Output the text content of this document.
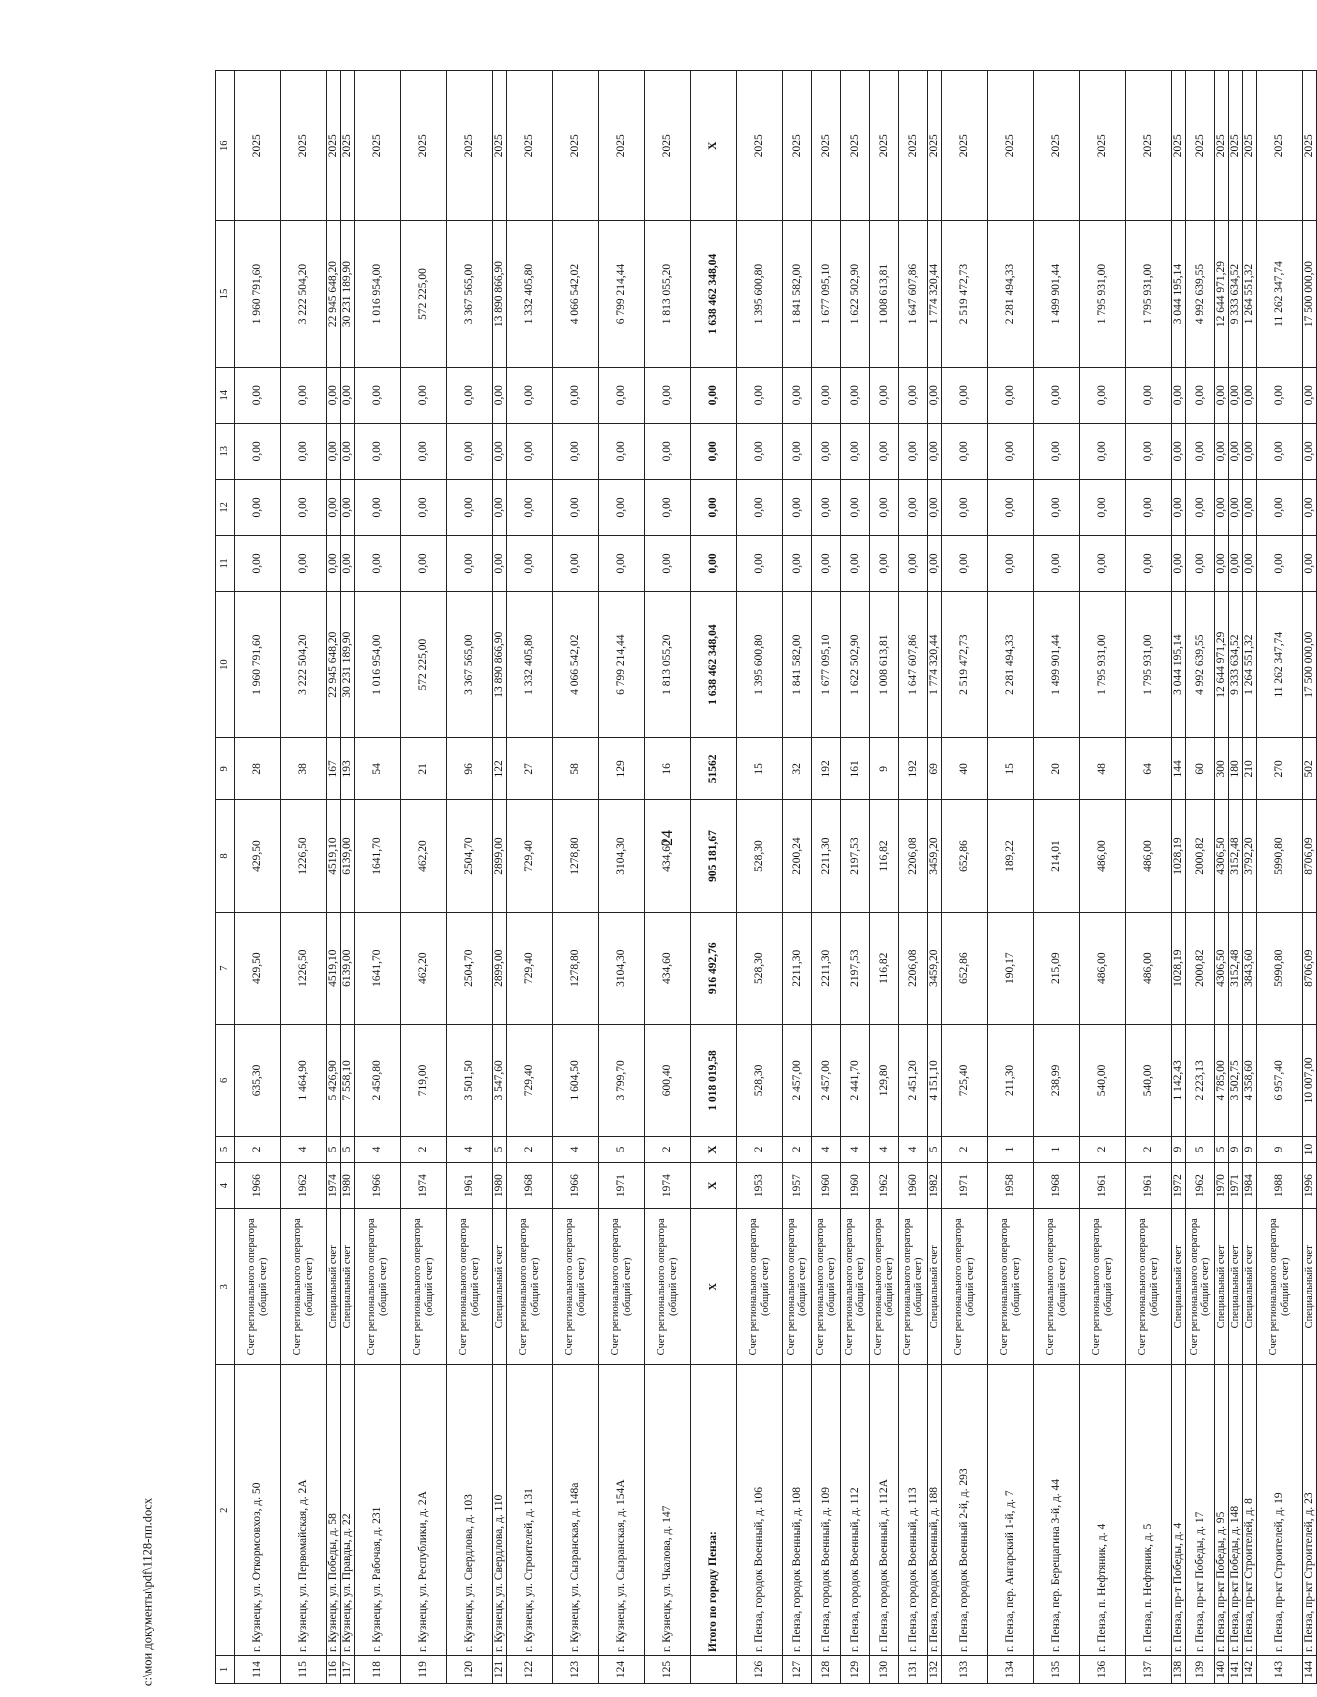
24
1	2	3	4	5	6	7	8	9	10	11	12	13	14	15	16
114	г. Кузнецк, ул. Откормсовхоз, д. 50	Счет регионального оператора (общий счет)	1966	2	635,30	429,50	429,50	28	1 960 791,60	0,00	0,00	0,00	0,00	1 960 791,60	2025
115	г. Кузнецк, ул. Первомайская, д. 2А	Счет регионального оператора (общий счет)	1962	4	1 464,90	1226,50	1226,50	38	3 222 504,20	0,00	0,00	0,00	0,00	3 222 504,20	2025
116	г. Кузнецк, ул. Победы, д. 58	Специальный счет	1974	5	5 426,90	4519,10	4519,10	167	22 945 648,20	0,00	0,00	0,00	0,00	22 945 648,20	2025
117	г. Кузнецк, ул. Правды, д. 22	Специальный счет	1980	5	7 558,10	6139,00	6139,00	193	30 231 189,90	0,00	0,00	0,00	0,00	30 231 189,90	2025
118	г. Кузнецк, ул. Рабочая, д. 231	Счет регионального оператора (общий счет)	1966	4	2 450,80	1641,70	1641,70	54	1 016 954,00	0,00	0,00	0,00	0,00	1 016 954,00	2025
119	г. Кузнецк, ул. Республики, д. 2А	Счет регионального оператора (общий счет)	1974	2	719,00	462,20	462,20	21	572 225,00	0,00	0,00	0,00	0,00	572 225,00	2025
120	г. Кузнецк, ул. Свердлова, д. 103	Счет регионального оператора (общий счет)	1961	4	3 501,50	2504,70	2504,70	96	3 367 565,00	0,00	0,00	0,00	0,00	3 367 565,00	2025
121	г. Кузнецк, ул. Свердлова, д. 110	Специальный счет	1980	5	3 547,60	2899,00	2899,00	122	13 890 866,90	0,00	0,00	0,00	0,00	13 890 866,90	2025
122	г. Кузнецк, ул. Строителей, д. 131	Счет регионального оператора (общий счет)	1968	2	729,40	729,40	729,40	27	1 332 405,80	0,00	0,00	0,00	0,00	1 332 405,80	2025
123	г. Кузнецк, ул. Сызранская, д. 148а	Счет регионального оператора (общий счет)	1966	4	1 604,50	1278,80	1278,80	58	4 066 542,02	0,00	0,00	0,00	0,00	4 066 542,02	2025
124	г. Кузнецк, ул. Сызранская, д. 154А	Счет регионального оператора (общий счет)	1971	5	3 799,70	3104,30	3104,30	129	6 799 214,44	0,00	0,00	0,00	0,00	6 799 214,44	2025
125	г. Кузнецк, ул. Чкалова, д. 147	Счет регионального оператора (общий счет)	1974	2	600,40	434,60	434,60	16	1 813 055,20	0,00	0,00	0,00	0,00	1 813 055,20	2025
	Итого по городу Пенза:	X	X	X	1 018 019,58	916 492,76	905 181,67	51562	1 638 462 348,04	0,00	0,00	0,00	0,00	1 638 462 348,04	X
126	г. Пенза, городок Военный, д. 106	Счет регионального оператора (общий счет)	1953	2	528,30	528,30	528,30	15	1 395 600,80	0,00	0,00	0,00	0,00	1 395 600,80	2025
127	г. Пенза, городок Военный, д. 108	Счет регионального оператора (общий счет)	1957	2	2 457,00	2211,30	2200,24	32	1 841 582,00	0,00	0,00	0,00	0,00	1 841 582,00	2025
128	г. Пенза, городок Военный, д. 109	Счет регионального оператора (общий счет)	1960	4	2 457,00	2211,30	2211,30	192	1 677 095,10	0,00	0,00	0,00	0,00	1 677 095,10	2025
129	г. Пенза, городок Военный, д. 112	Счет регионального оператора (общий счет)	1960	4	2 441,70	2197,53	2197,53	161	1 622 502,90	0,00	0,00	0,00	0,00	1 622 502,90	2025
130	г. Пенза, городок Военный, д. 112А	Счет регионального оператора (общий счет)	1962	4	129,80	116,82	116,82	9	1 008 613,81	0,00	0,00	0,00	0,00	1 008 613,81	2025
131	г. Пенза, городок Военный, д. 113	Счет регионального оператора (общий счет)	1960	4	2 451,20	2206,08	2206,08	192	1 647 607,86	0,00	0,00	0,00	0,00	1 647 607,86	2025
132	г. Пенза, городок Военный, д. 188	Специальный счет	1982	5	4 151,10	3459,20	3459,20	69	1 774 320,44	0,00	0,00	0,00	0,00	1 774 320,44	2025
133	г. Пенза, городок Военный 2-й, д. 293	Счет регионального оператора (общий счет)	1971	2	725,40	652,86	652,86	40	2 519 472,73	0,00	0,00	0,00	0,00	2 519 472,73	2025
134	г. Пенза, пер. Ангарский 1-й, д. 7	Счет регионального оператора (общий счет)	1958	1	211,30	190,17	189,22	15	2 281 494,33	0,00	0,00	0,00	0,00	2 281 494,33	2025
135	г. Пенза, пер. Берещагина 3-й, д. 44	Счет регионального оператора (общий счет)	1968	1	238,99	215,09	214,01	20	1 499 901,44	0,00	0,00	0,00	0,00	1 499 901,44	2025
136	г. Пенза, п. Нефтяник, д. 4	Счет регионального оператора (общий счет)	1961	2	540,00	486,00	486,00	48	1 795 931,00	0,00	0,00	0,00	0,00	1 795 931,00	2025
137	г. Пенза, п. Нефтяник, д. 5	Счет регионального оператора (общий счет)	1961	2	540,00	486,00	486,00	64	1 795 931,00	0,00	0,00	0,00	0,00	1 795 931,00	2025
138	г. Пенза, пр-т Победы, д. 4	Специальный счет	1972	9	1 142,43	1028,19	1028,19	144	3 044 195,14	0,00	0,00	0,00	0,00	3 044 195,14	2025
139	г. Пенза, пр-кт Победы, д. 17	Счет регионального оператора (общий счет)	1962	5	2 223,13	2000,82	2000,82	60	4 992 639,55	0,00	0,00	0,00	0,00	4 992 639,55	2025
140	г. Пенза, пр-кт Победы, д. 95	Специальный счет	1970	5	4 785,00	4306,50	4306,50	300	12 644 971,29	0,00	0,00	0,00	0,00	12 644 971,29	2025
141	г. Пенза, пр-кт Победы, д. 148	Специальный счет	1971	9	3 502,75	3152,48	3152,48	180	9 333 634,52	0,00	0,00	0,00	0,00	9 333 634,52	2025
142	г. Пенза, пр-кт Строителей, д. 8	Специальный счет	1984	9	4 358,60	3843,60	3792,20	210	1 264 551,32	0,00	0,00	0,00	0,00	1 264 551,32	2025
143	г. Пенза, пр-кт Строителей, д. 19	Счет регионального оператора (общий счет)	1988	9	6 957,40	5990,80	5990,80	270	11 262 347,74	0,00	0,00	0,00	0,00	11 262 347,74	2025
144	г. Пенза, пр-кт Строителей, д. 23	Специальный счет	1996	10	10 007,00	8706,09	8706,09	502	17 500 000,00	0,00	0,00	0,00	0,00	17 500 000,00	2025
c:\мои документы\pdf\1128-пп.docx
